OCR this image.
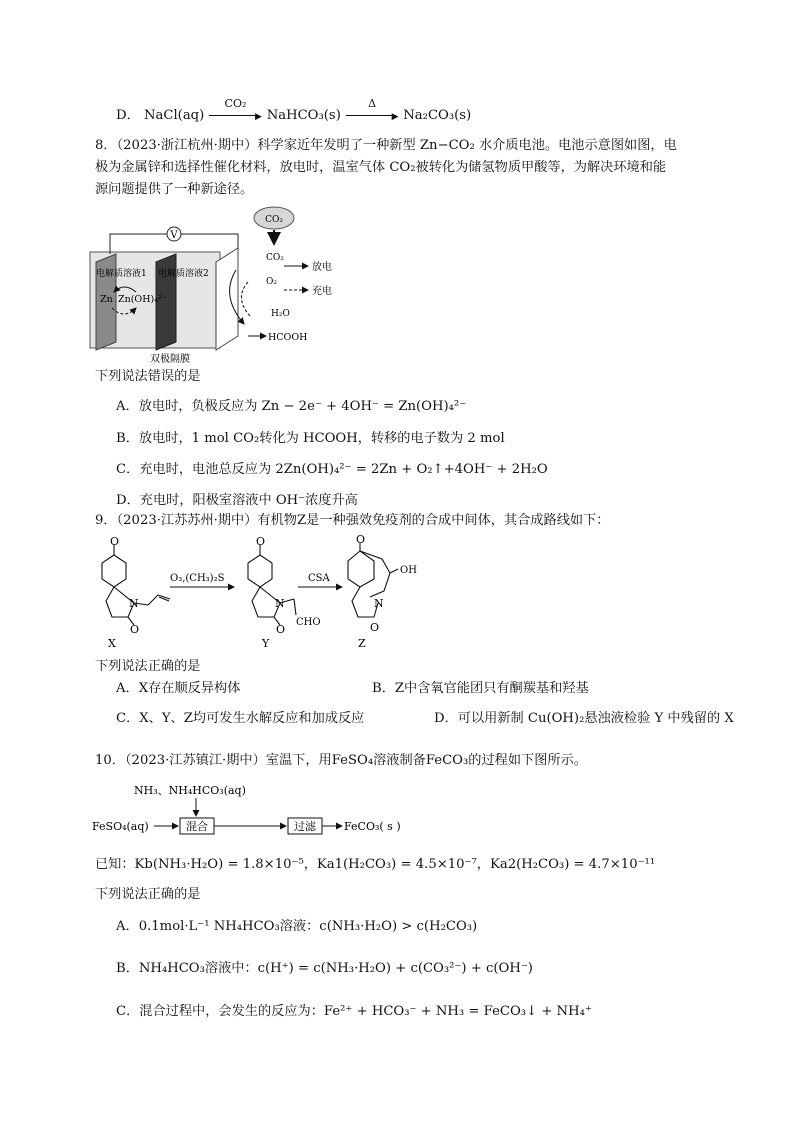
D． NaCl(aq)
CO₂
▶ NaHCO₃(s)
Δ
▶ Na₂CO₃(s)
8．（2023·浙江杭州·期中）科学家近年发明了一种新型 Zn−CO₂ 水介质电池。电池示意图如图，电
极为金属锌和选择性催化材料，放电时，温室气体 CO₂被转化为储氢物质甲酸等，为解决环境和能
源问题提供了一种新途径。
V
电解质溶液1 电解质溶液2
Zn Zn(OH)₄²⁻
双极隔膜
CO₂
CO₂
O₂
H₂O
HCOOH
放电
充电
下列说法错误的是
A．放电时，负极反应为 Zn − 2e⁻ + 4OH⁻ = Zn(OH)₄²⁻
B．放电时，1 mol CO₂转化为 HCOOH，转移的电子数为 2 mol
C．充电时，电池总反应为 2Zn(OH)₄²⁻ = 2Zn + O₂↑+4OH⁻ + 2H₂O
D．充电时，阳极室溶液中 OH⁻浓度升高
9．（2023·江苏苏州·期中）有机物Z是一种强效免疫剂的合成中间体，其合成路线如下：
O
N
O
X
O₃,(CH₃)₂S
O
N
O
CHO
Y
CSA
O
OH
N
O
Z
下列说法正确的是
A．X存在顺反异构体	B．Z中含氧官能团只有酮羰基和羟基
C．X、Y、Z均可发生水解反应和加成反应	D．可以用新制 Cu(OH)₂悬浊液检验 Y 中残留的 X
10．（2023·江苏镇江·期中）室温下，用FeSO₄溶液制备FeCO₃的过程如下图所示。
NH₃、NH₄HCO₃(aq)
FeSO₄(aq)	混合	过滤	FeCO₃( s )
已知：Kb(NH₃·H₂O) = 1.8×10⁻⁵，Ka1(H₂CO₃) = 4.5×10⁻⁷，Ka2(H₂CO₃) = 4.7×10⁻¹¹
下列说法正确的是
A．0.1mol·L⁻¹ NH₄HCO₃溶液：c(NH₃·H₂O) > c(H₂CO₃)
B．NH₄HCO₃溶液中：c(H⁺) = c(NH₃·H₂O) + c(CO₃²⁻) + c(OH⁻)
C．混合过程中，会发生的反应为：Fe²⁺ + HCO₃⁻ + NH₃ = FeCO₃↓ + NH₄⁺
